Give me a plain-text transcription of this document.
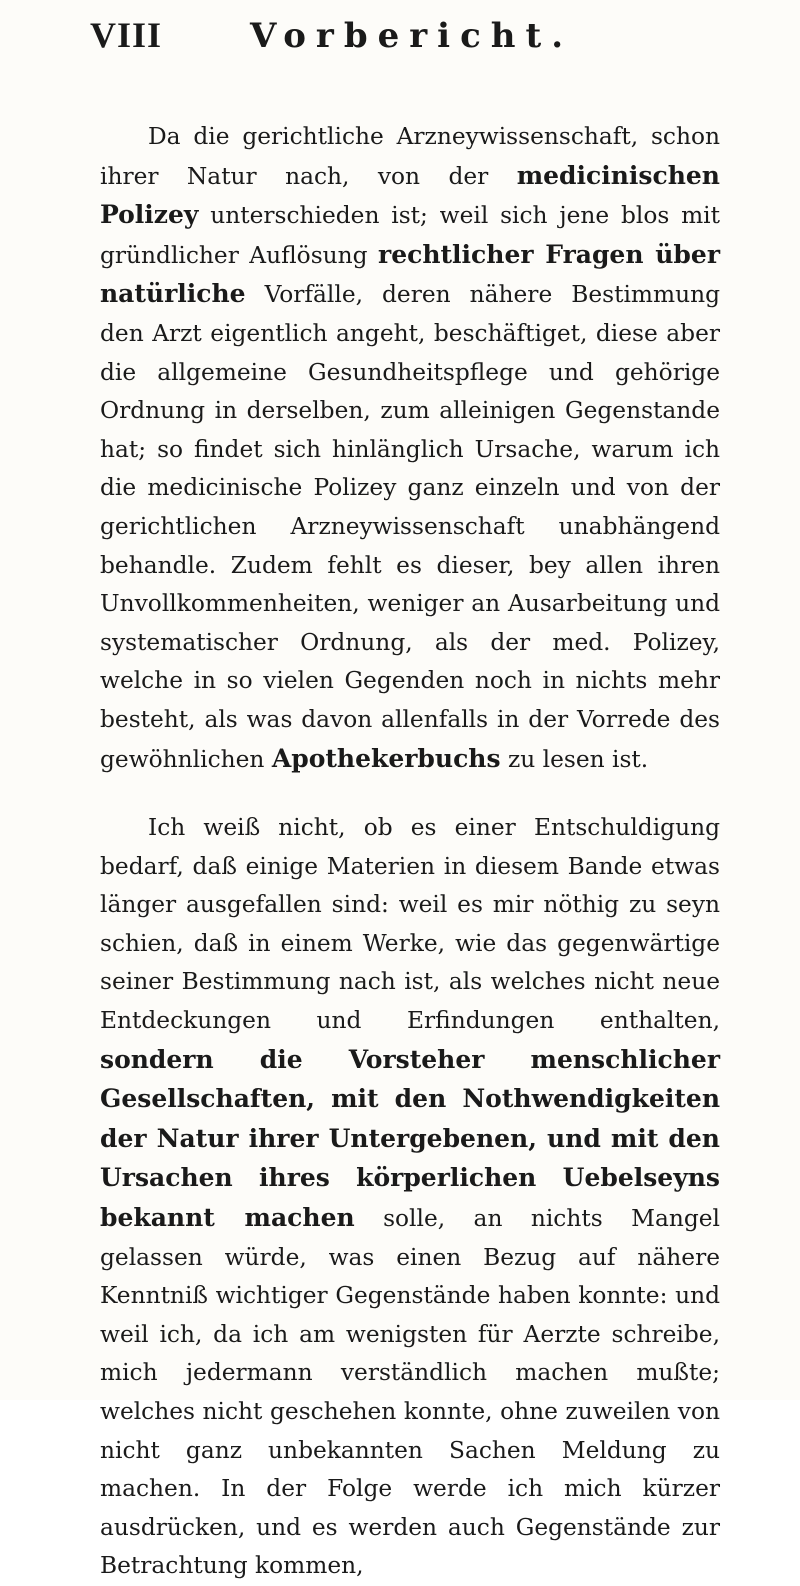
VIII	Vorbericht.

Da die gerichtliche Arzneywissenschaft, schon ihrer Natur nach, von der medicinischen Polizey unterschieden ist; weil sich jene blos mit gründlicher Auflösung rechtlicher Fragen über natürliche Vorfälle, deren nähere Bestimmung den Arzt eigentlich angeht, beschäftiget, diese aber die allgemeine Gesundheitspflege und gehörige Ordnung in derselben, zum alleinigen Gegenstande hat; so findet sich hinlänglich Ursache, warum ich die medicinische Polizey ganz einzeln und von der gerichtlichen Arzneywissenschaft unabhängend behandle. Zudem fehlt es dieser, bey allen ihren Unvollkommenheiten, weniger an Ausarbeitung und systematischer Ordnung, als der med. Polizey, welche in so vielen Gegenden noch in nichts mehr besteht, als was davon allenfalls in der Vorrede des gewöhnlichen Apothekerbuchs zu lesen ist.

Ich weiß nicht, ob es einer Entschuldigung bedarf, daß einige Materien in diesem Bande etwas länger ausgefallen sind: weil es mir nöthig zu seyn schien, daß in einem Werke, wie das gegenwärtige seiner Bestimmung nach ist, als welches nicht neue Entdeckungen und Erfindungen enthalten, sondern die Vorsteher menschlicher Gesellschaften, mit den Nothwendigkeiten der Natur ihrer Untergebenen, und mit den Ursachen ihres körperlichen Uebelseyns bekannt machen solle, an nichts Mangel gelassen würde, was einen Bezug auf nähere Kenntniß wichtiger Gegenstände haben konnte: und weil ich, da ich am wenigsten für Aerzte schreibe, mich jedermann verständlich machen mußte; welches nicht geschehen konnte, ohne zuweilen von nicht ganz unbekannten Sachen Meldung zu machen. In der Folge werde ich mich kürzer ausdrücken, und es werden auch Gegenstände zur Betrachtung kommen,
